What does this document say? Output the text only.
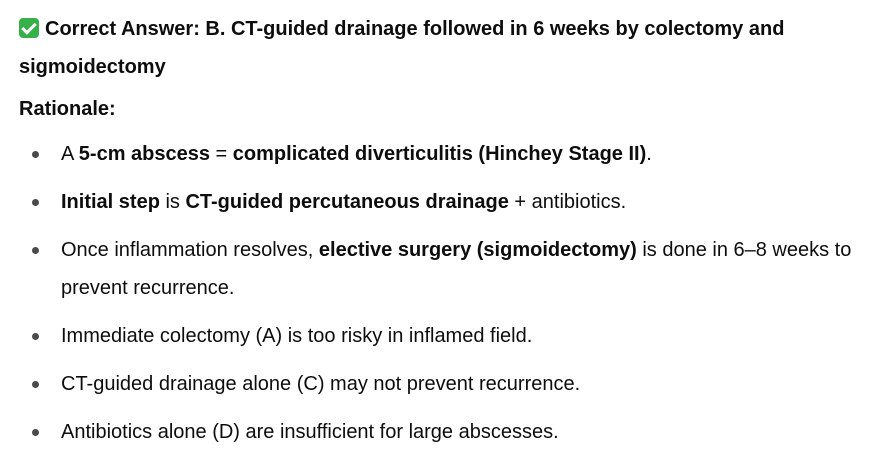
Correct Answer: B. CT-guided drainage followed in 6 weeks by colectomy and sigmoidectomy

Rationale:

A 5-cm abscess = complicated diverticulitis (Hinchey Stage II).
Initial step is CT-guided percutaneous drainage + antibiotics.
Once inflammation resolves, elective surgery (sigmoidectomy) is done in 6–8 weeks to prevent recurrence.
Immediate colectomy (A) is too risky in inflamed field.
CT-guided drainage alone (C) may not prevent recurrence.
Antibiotics alone (D) are insufficient for large abscesses.
